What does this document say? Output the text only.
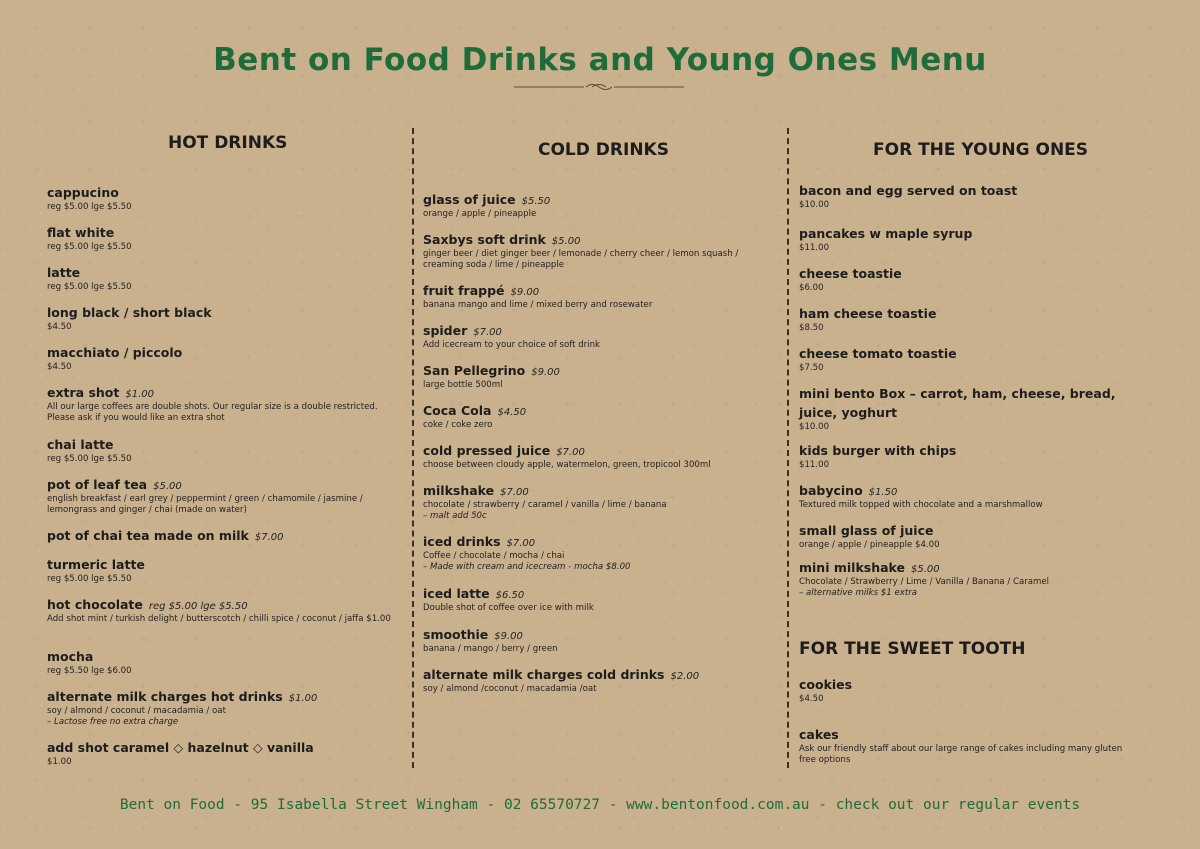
Bent on Food Drinks and Young Ones Menu
HOT DRINKS
cappucino
reg $5.00 lge $5.50
flat white
reg $5.00 lge $5.50
latte
reg $5.00 lge $5.50
long black / short black
$4.50
macchiato / piccolo
$4.50
extra shot $1.00
All our large coffees are double shots. Our regular size is a double restricted. Please ask if you would like an extra shot
chai latte
reg $5.00 lge $5.50
pot of leaf tea $5.00
english breakfast / earl grey / peppermint / green / chamomile / jasmine / lemongrass and ginger / chai (made on water)
pot of chai tea made on milk $7.00
turmeric latte
reg $5.00 lge $5.50
hot chocolate reg $5.00 lge $5.50
Add shot mint / turkish delight / butterscotch / chilli spice / coconut / jaffa $1.00
mocha
reg $5.50 lge $6.00
alternate milk charges hot drinks $1.00
soy / almond / coconut / macadamia / oat
– Lactose free no extra charge
add shot caramel ◇ hazelnut ◇ vanilla
$1.00
COLD DRINKS
glass of juice $5.50
orange / apple / pineapple
Saxbys soft drink $5.00
ginger beer / diet ginger beer / lemonade / cherry cheer / lemon squash / creaming soda / lime / pineapple
fruit frappé $9.00
banana mango and lime / mixed berry and rosewater
spider $7.00
Add icecream to your choice of soft drink
San Pellegrino $9.00
large bottle 500ml
Coca Cola $4.50
coke / coke zero
cold pressed juice $7.00
choose between cloudy apple, watermelon, green, tropicool 300ml
milkshake $7.00
chocolate / strawberry / caramel / vanilla / lime / banana
– malt add 50c
iced drinks $7.00
Coffee / chocolate / mocha / chai
– Made with cream and icecream - mocha $8.00
iced latte $6.50
Double shot of coffee over ice with milk
smoothie $9.00
banana / mango / berry / green
alternate milk charges cold drinks $2.00
soy / almond /coconut / macadamia /oat
FOR THE YOUNG ONES
bacon and egg served on toast
$10.00
pancakes w maple syrup
$11.00
cheese toastie
$6.00
ham cheese toastie
$8.50
cheese tomato toastie
$7.50
mini bento Box – carrot, ham, cheese, bread, juice, yoghurt
$10.00
kids burger with chips
$11.00
babycino $1.50
Textured milk topped with chocolate and a marshmallow
small glass of juice
orange / apple / pineapple $4.00
mini milkshake $5.00
Chocolate / Strawberry / Lime / Vanilla / Banana / Caramel
– alternative milks $1 extra
FOR THE SWEET TOOTH
cookies
$4.50
cakes
Ask our friendly staff about our large range of cakes including many gluten free options
Bent on Food - 95 Isabella Street Wingham - 02 65570727 - www.bentonfood.com.au - check out our regular events
